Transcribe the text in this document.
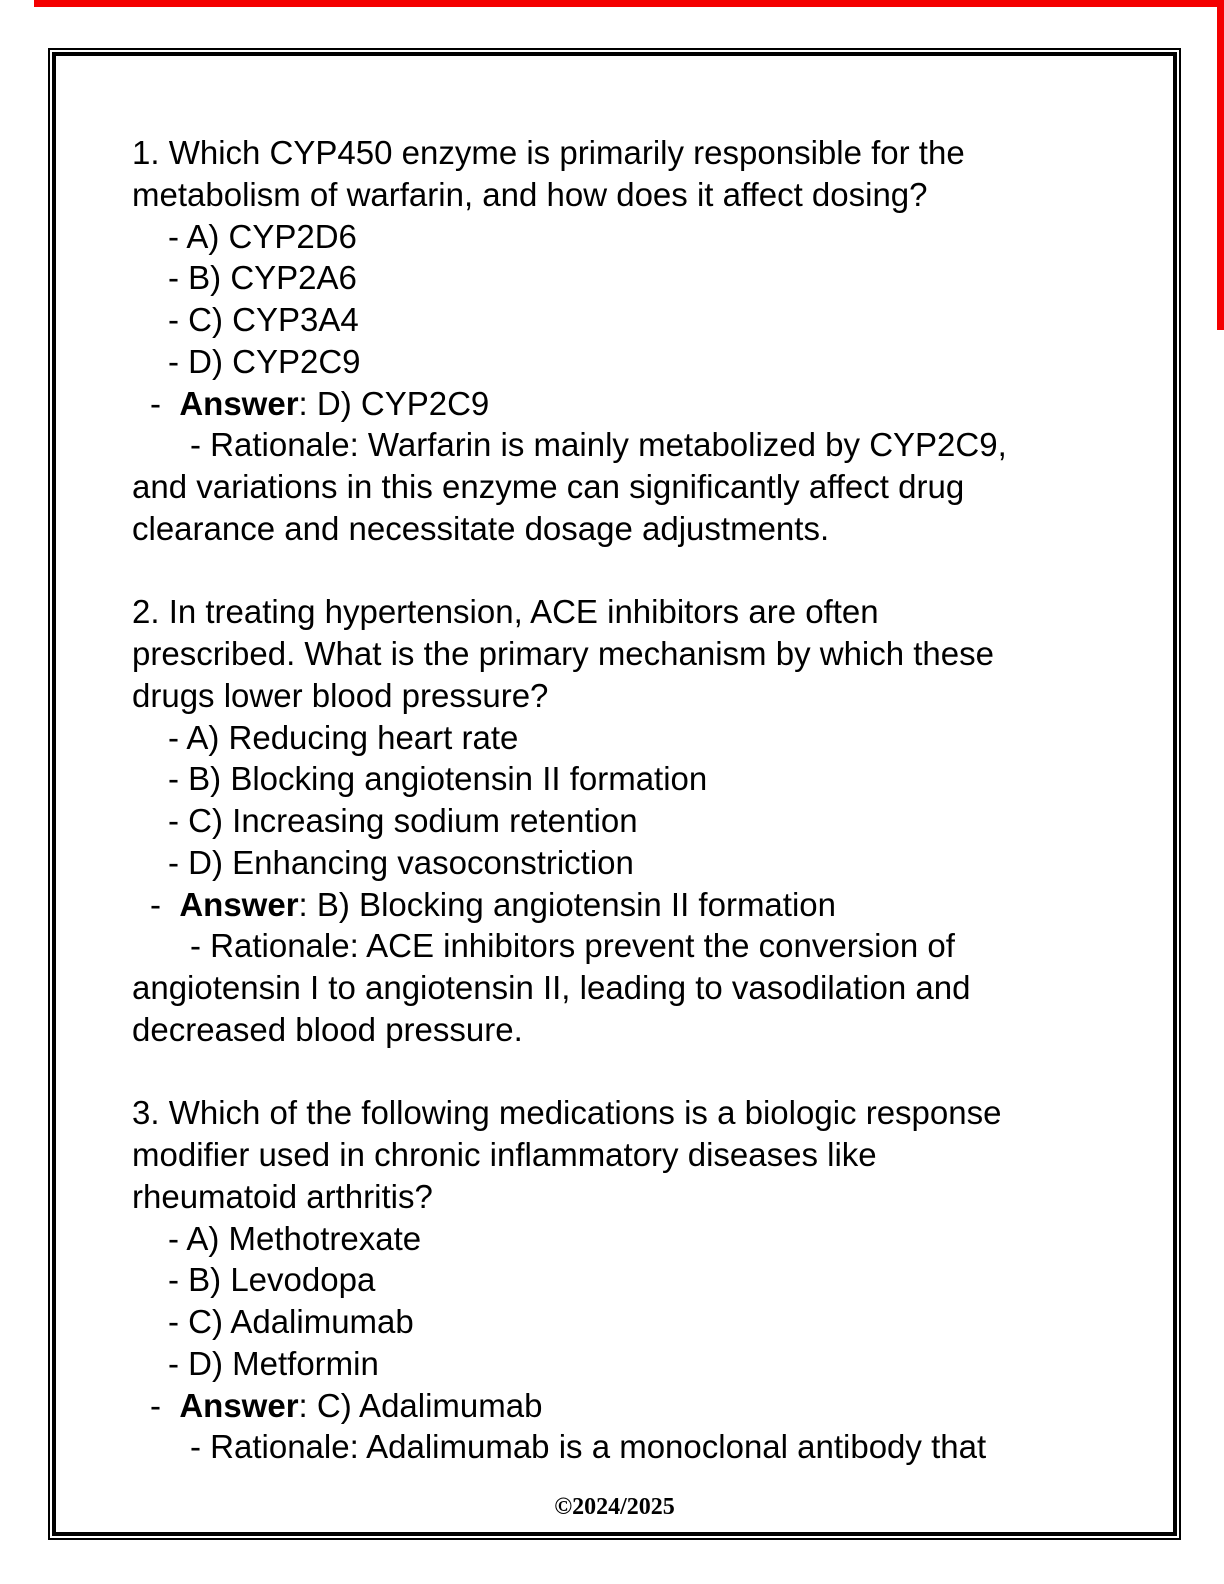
1. Which CYP450 enzyme is primarily responsible for the
metabolism of warfarin, and how does it affect dosing?
- A) CYP2D6
- B) CYP2A6
- C) CYP3A4
- D) CYP2C9
-  Answer: D) CYP2C9
- Rationale: Warfarin is mainly metabolized by CYP2C9,
and variations in this enzyme can significantly affect drug
clearance and necessitate dosage adjustments.
2. In treating hypertension, ACE inhibitors are often
prescribed. What is the primary mechanism by which these
drugs lower blood pressure?
- A) Reducing heart rate
- B) Blocking angiotensin II formation
- C) Increasing sodium retention
- D) Enhancing vasoconstriction
-  Answer: B) Blocking angiotensin II formation
- Rationale: ACE inhibitors prevent the conversion of
angiotensin I to angiotensin II, leading to vasodilation and
decreased blood pressure.
3. Which of the following medications is a biologic response
modifier used in chronic inflammatory diseases like
rheumatoid arthritis?
- A) Methotrexate
- B) Levodopa
- C) Adalimumab
- D) Metformin
-  Answer: C) Adalimumab
- Rationale: Adalimumab is a monoclonal antibody that
©2024/2025
